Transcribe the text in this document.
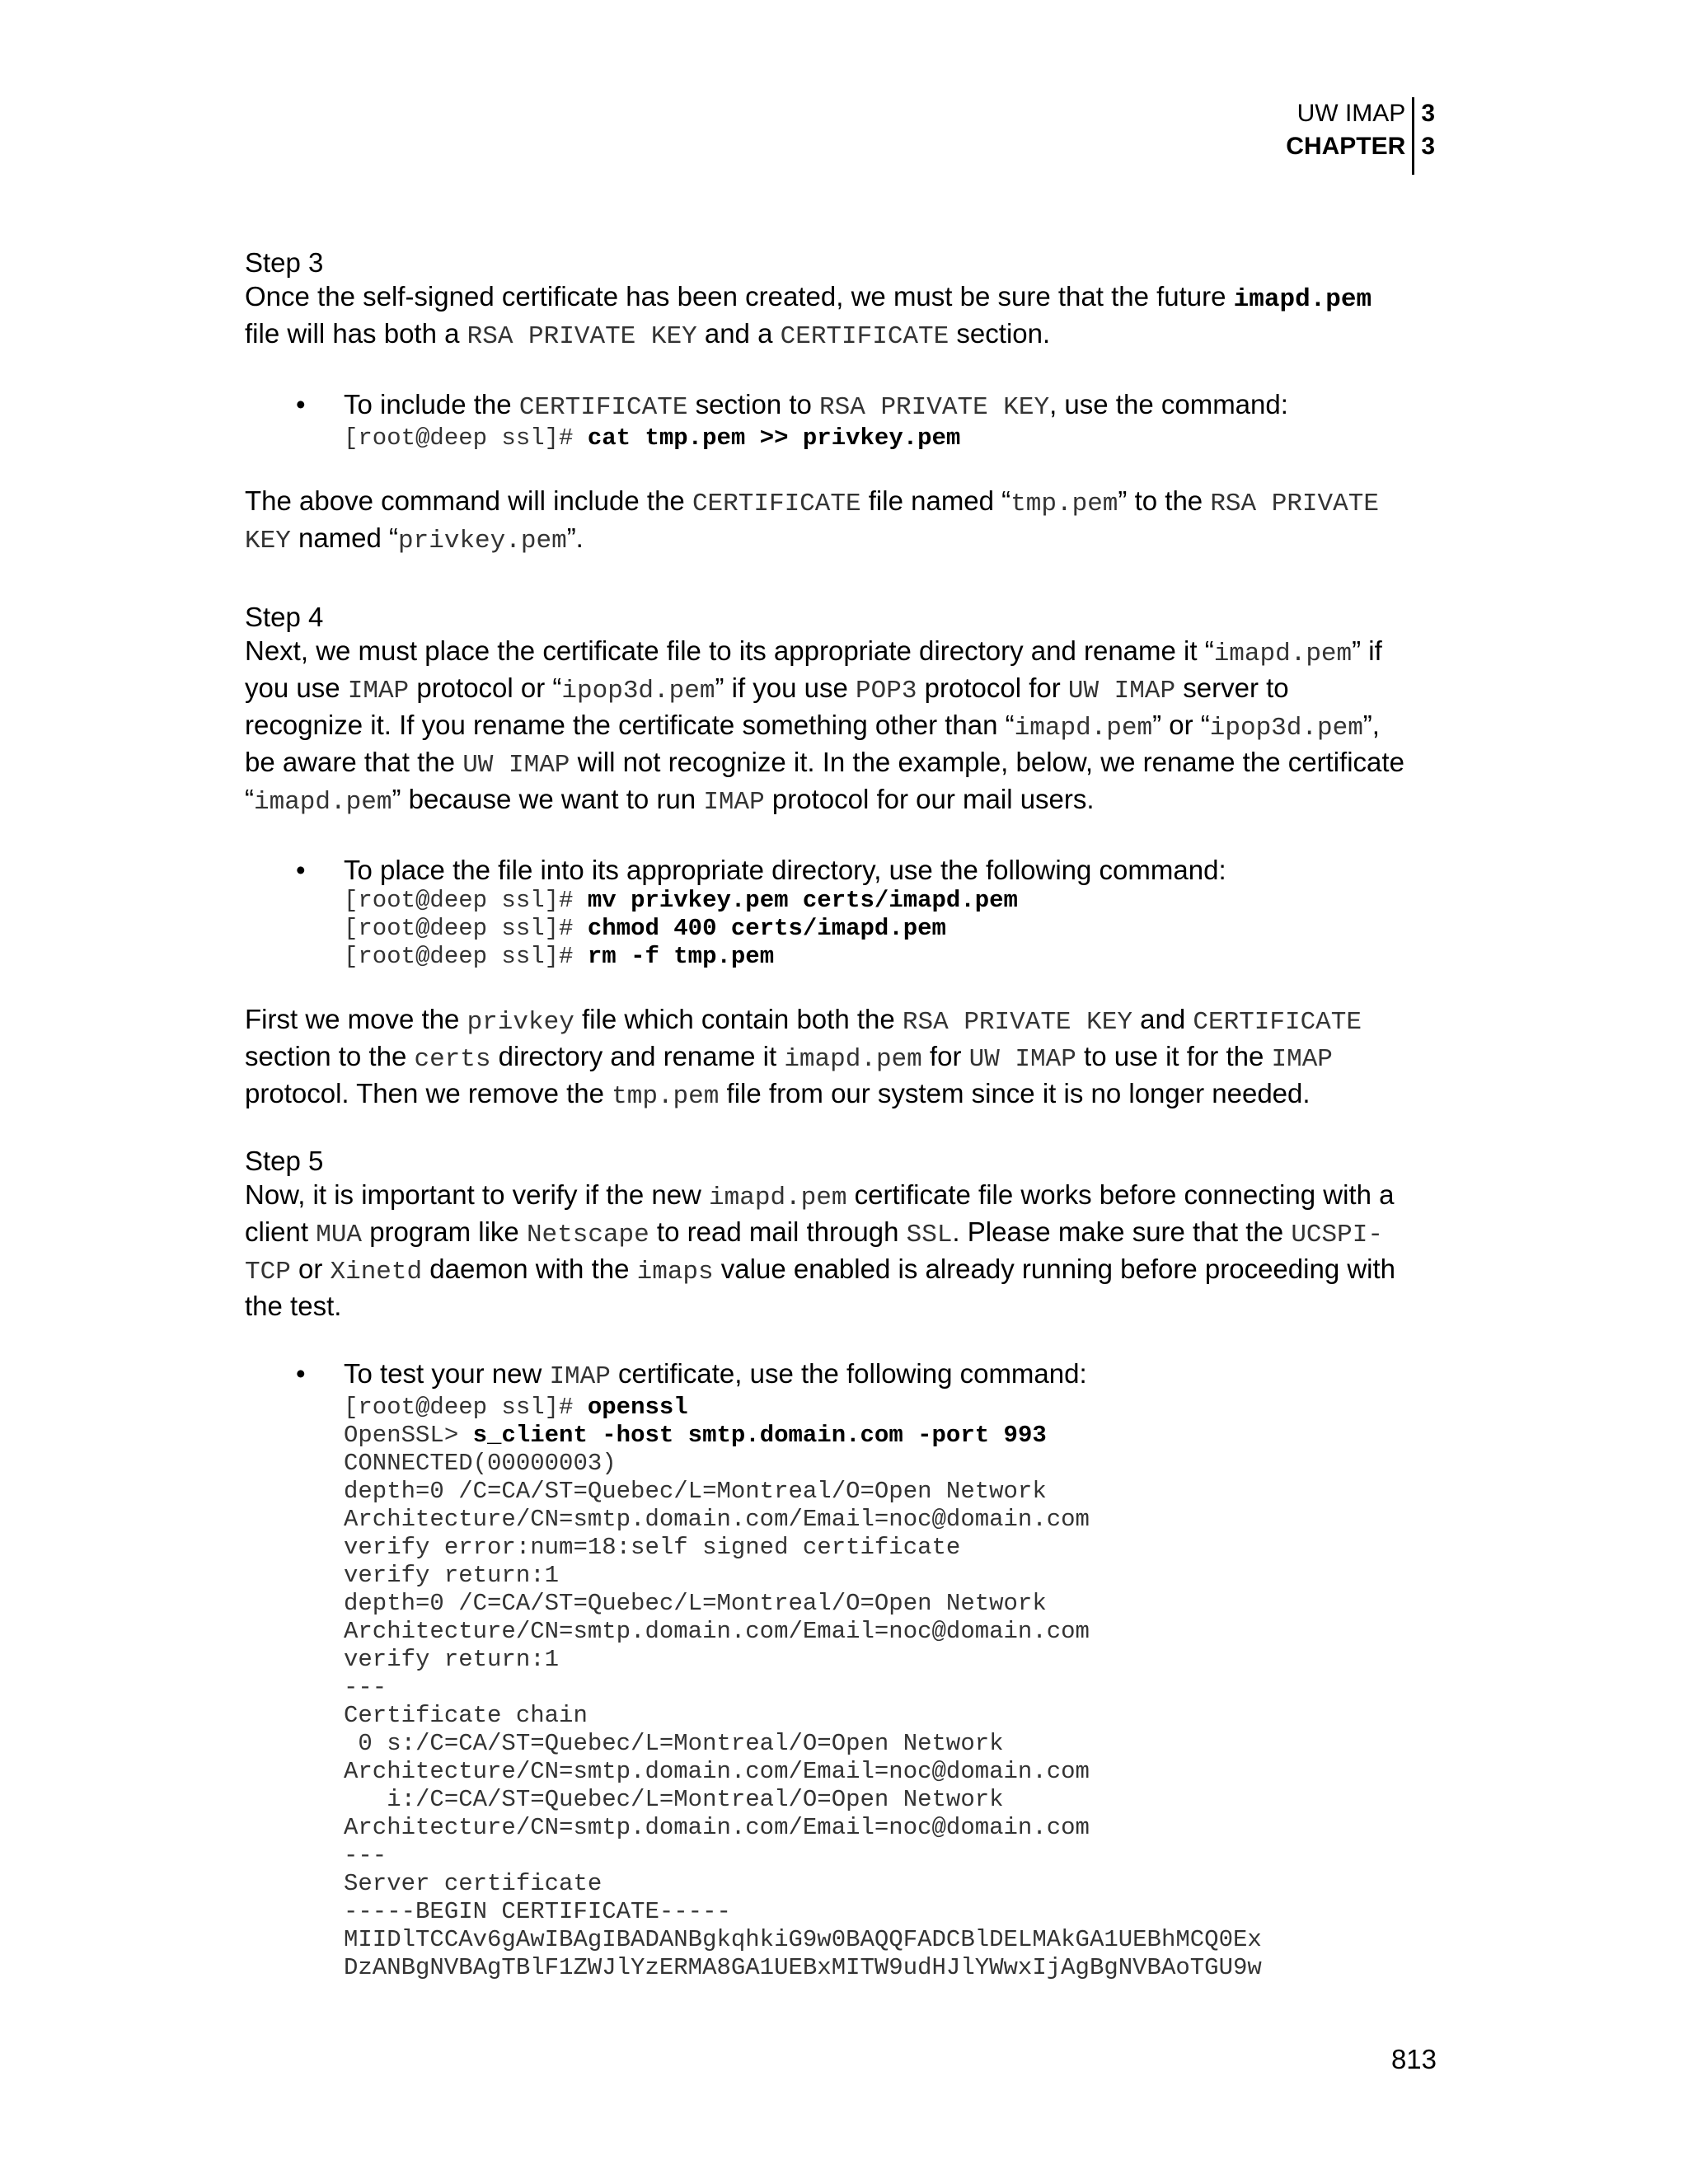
UW IMAP
CHAPTER
3
3

Step 3

Once the self-signed certificate has been created, we must be sure that the future imapd.pem
file will has both a RSA PRIVATE KEY and a CERTIFICATE section.

• To include the CERTIFICATE section to RSA PRIVATE KEY, use the command:

[root@deep ssl]# cat tmp.pem >> privkey.pem

The above command will include the CERTIFICATE file named “tmp.pem” to the RSA PRIVATE
KEY named “privkey.pem”.

Step 4

Next, we must place the certificate file to its appropriate directory and rename it “imapd.pem” if
you use IMAP protocol or “ipop3d.pem” if you use POP3 protocol for UW IMAP server to
recognize it. If you rename the certificate something other than “imapd.pem” or “ipop3d.pem”,
be aware that the UW IMAP will not recognize it. In the example, below, we rename the certificate
“imapd.pem” because we want to run IMAP protocol for our mail users.

• To place the file into its appropriate directory, use the following command:

[root@deep ssl]# mv privkey.pem certs/imapd.pem
[root@deep ssl]# chmod 400 certs/imapd.pem
[root@deep ssl]# rm -f tmp.pem

First we move the privkey file which contain both the RSA PRIVATE KEY and CERTIFICATE
section to the certs directory and rename it imapd.pem for UW IMAP to use it for the IMAP
protocol. Then we remove the tmp.pem file from our system since it is no longer needed.

Step 5

Now, it is important to verify if the new imapd.pem certificate file works before connecting with a
client MUA program like Netscape to read mail through SSL. Please make sure that the UCSPI-
TCP or Xinetd daemon with the imaps value enabled is already running before proceeding with
the test.

• To test your new IMAP certificate, use the following command:

[root@deep ssl]# openssl
OpenSSL> s_client -host smtp.domain.com -port 993
CONNECTED(00000003)
depth=0 /C=CA/ST=Quebec/L=Montreal/O=Open Network
Architecture/CN=smtp.domain.com/Email=noc@domain.com
verify error:num=18:self signed certificate
verify return:1
depth=0 /C=CA/ST=Quebec/L=Montreal/O=Open Network
Architecture/CN=smtp.domain.com/Email=noc@domain.com
verify return:1
---
Certificate chain
0 s:/C=CA/ST=Quebec/L=Montreal/O=Open Network
Architecture/CN=smtp.domain.com/Email=noc@domain.com
i:/C=CA/ST=Quebec/L=Montreal/O=Open Network
Architecture/CN=smtp.domain.com/Email=noc@domain.com
---
Server certificate
-----BEGIN CERTIFICATE-----
MIIDlTCCAv6gAwIBAgIBADANBgkqhkiG9w0BAQQFADCBlDELMAkGA1UEBhMCQ0Ex
DzANBgNVBAgTBlF1ZWJlYzERMA8GA1UEBxMITW9udHJlYWwxIjAgBgNVBAoTGU9w
813
